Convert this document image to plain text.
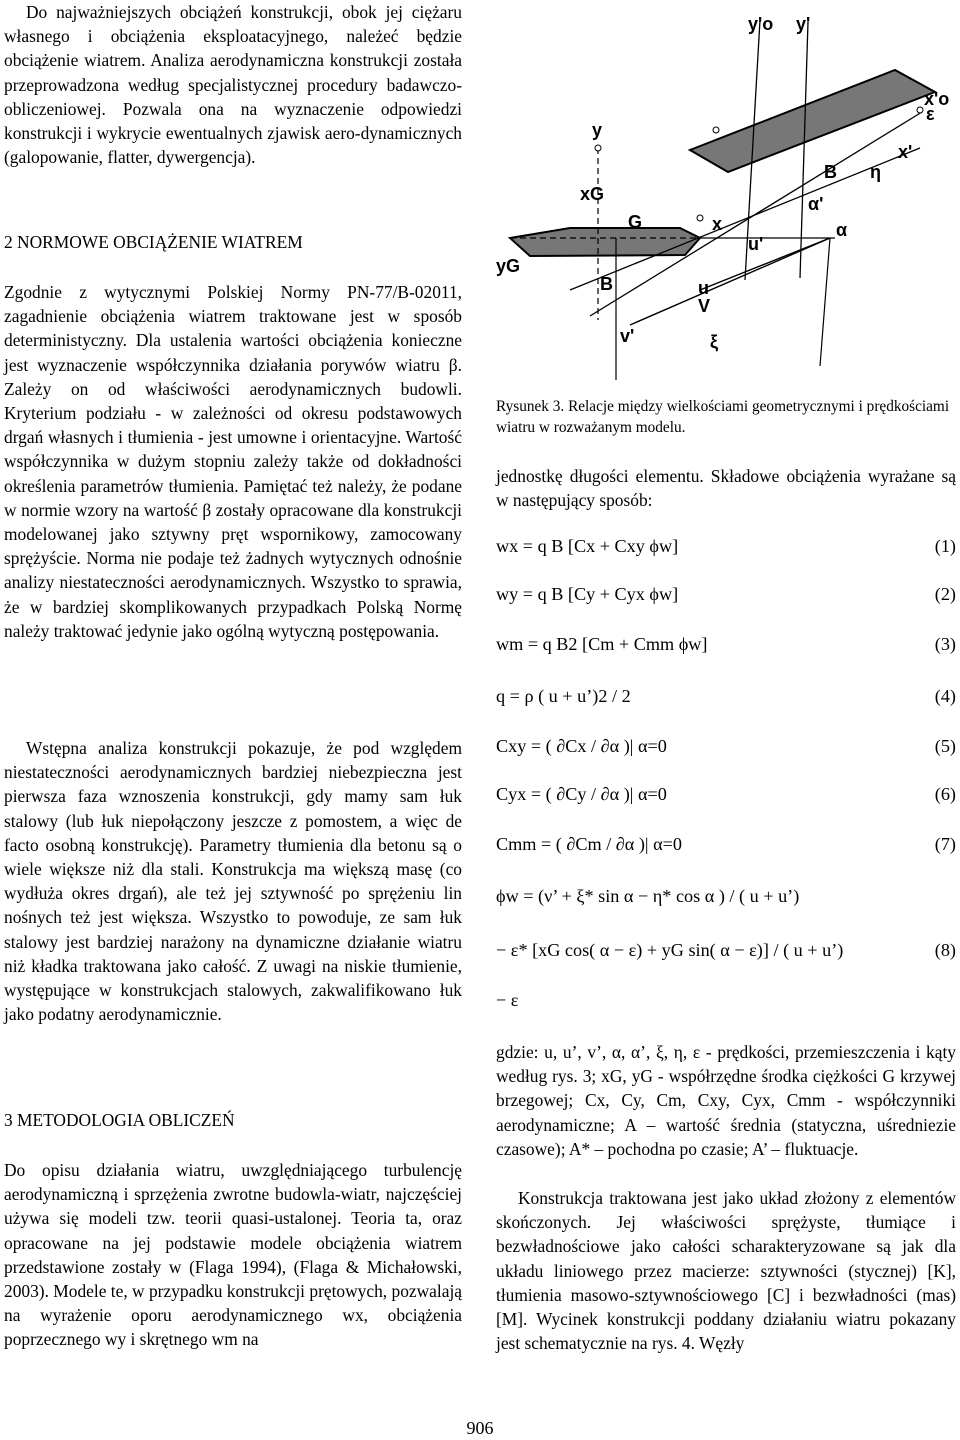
Do najważniejszych obciążeń konstrukcji, obok jej ciężaru własnego i obciążenia eksploatacyjnego, należeć będzie obciążenie wiatrem. Analiza aerodynamiczna konstrukcji została przeprowadzona według specjalistycznej procedury badawczo-obliczeniowej. Pozwala ona na wyznaczenie odpowiedzi konstrukcji i wykrycie ewentualnych zjawisk aero-dynamicznych (galopowanie, flatter, dywergencja).

2 NORMOWE OBCIĄŻENIE WIATREM

Zgodnie z wytycznymi Polskiej Normy PN-77/B-02011, zagadnienie obciążenia wiatrem traktowane jest w sposób deterministyczny. Dla ustalenia wartości obciążenia konieczne jest wyznaczenie współczynnika działania porywów wiatru β. Zależy on od właściwości aerodynamicznych budowli. Kryterium podziału - w zależności od okresu podstawowych drgań własnych i tłumienia - jest umowne i orientacyjne. Wartość współczynnika w dużym stopniu zależy także od dokładności określenia parametrów tłumienia. Pamiętać też należy, że podane w normie wzory na wartość β zostały opracowane dla konstrukcji modelowanej jako sztywny pręt wspornikowy, zamocowany sprężyście. Norma nie podaje też żadnych wytycznych odnośnie analizy niestateczności aerodynamicznych. Wszystko to sprawia, że w bardziej skomplikowanych przypadkach Polską Normę należy traktować jedynie jako ogólną wytyczną postępowania.

Wstępna analiza konstrukcji pokazuje, że pod względem niestateczności aerodynamicznych bardziej niebezpieczna jest pierwsza faza wznoszenia konstrukcji, gdy mamy sam łuk stalowy (lub łuk niepołączony jeszcze z pomostem, a więc de facto osobną konstrukcję). Parametry tłumienia dla betonu są o wiele większe niż dla stali. Konstrukcja ma większą masę (co wydłuża okres drgań), ale też jej sztywność po sprężeniu lin nośnych też jest większa. Wszystko to powoduje, ze sam łuk stalowy jest bardziej narażony na dynamiczne działanie wiatru niż kładka traktowana jako całość. Z uwagi na niskie tłumienie, występujące w konstrukcjach stalowych, zakwalifikowano łuk jako podatny aerodynamicznie.

3 METODOLOGIA OBLICZEŃ

Do opisu działania wiatru, uwzględniającego turbulencję aerodynamiczną i sprzężenia zwrotne budowla-wiatr, najczęściej używa się modeli tzw. teorii quasi-ustalonej. Teoria ta, oraz opracowane na jej podstawie modele obciążenia wiatrem przedstawione zostały w (Flaga 1994), (Flaga & Michałowski, 2003). Modele te, w przypadku konstrukcji prętowych, pozwalają na wyrażenie oporu aerodynamicznego wx, obciążenia poprzecznego wy i skrętnego wm na

y'o y'
x'o
ε
x'
η
B
y
xG
G	x
u'
α'
α
yG
B	u
V
v'	ξ
Rysunek 3. Relacje między wielkościami geometrycznymi i prędkościami wiatru w rozważanym modelu.

jednostkę długości elementu. Składowe obciążenia wyrażane są w następujący sposób:

wx = q B [Cx + Cxy ϕw]	(1)
wy = q B [Cy + Cyx ϕw]	(2)
wm = q B2 [Cm + Cmm ϕw]	(3)
q = ρ ( u + u’)2 / 2	(4)
Cxy = ( ∂Cx / ∂α )| α=0	(5)
Cyx = ( ∂Cy / ∂α )| α=0	(6)
Cmm = ( ∂Cm / ∂α )| α=0	(7)
ϕw = (ν’ + ξ* sin α − η* cos α ) / ( u + u’)
− ε* [xG cos( α − ε) + yG sin( α − ε)] / ( u + u’)	(8)
− ε

gdzie: u, u’, v’, α, α’, ξ, η, ε - prędkości, przemieszczenia i kąty według rys. 3; xG, yG - współrzędne środka ciężkości G krzywej brzegowej; Cx, Cy, Cm, Cxy, Cyx, Cmm - współczynniki aerodynamiczne; A – wartość średnia (statyczna, uśredniezie czasowe); A* – pochodna po czasie; A’ – fluktuacje.

Konstrukcja traktowana jest jako układ złożony z elementów skończonych. Jej właściwości sprężyste, tłumiące i bezwładnościowe jako całości scharakteryzowane są jak dla układu liniowego przez macierze: sztywności (stycznej) [K], tłumienia masowo-sztywnościowego [C] i bezwładności (mas) [M]. Wycinek konstrukcji poddany działaniu wiatru pokazany jest schematycznie na rys. 4. Węzły

906
